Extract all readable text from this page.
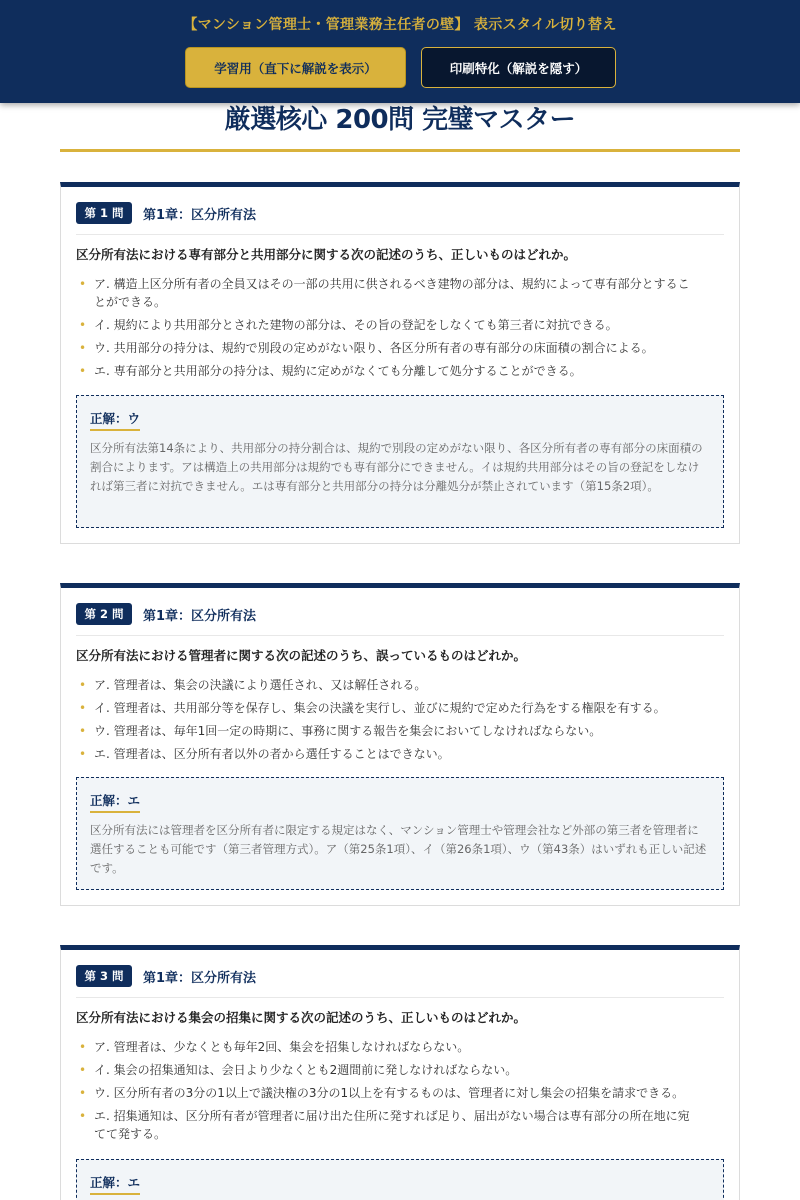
【マンション管理士・管理業務主任者の壁】 表示スタイル切り替え
学習用（直下に解説を表示）	印刷特化（解説を隠す）
厳選核心 200問 完璧マスター
第 1 問	第1章：区分所有法
区分所有法における専有部分と共用部分に関する次の記述のうち、正しいものはどれか。
• ア. 構造上区分所有者の全員又はその一部の共用に供されるべき建物の部分は、規約によって専有部分とすることができる。
• イ. 規約により共用部分とされた建物の部分は、その旨の登記をしなくても第三者に対抗できる。
• ウ. 共用部分の持分は、規約で別段の定めがない限り、各区分所有者の専有部分の床面積の割合による。
• エ. 専有部分と共用部分の持分は、規約に定めがなくても分離して処分することができる。
正解：ウ
区分所有法第14条により、共用部分の持分割合は、規約で別段の定めがない限り、各区分所有者の専有部分の床面積の割合によります。アは構造上の共用部分は規約でも専有部分にできません。イは規約共用部分はその旨の登記をしなければ第三者に対抗できません。エは専有部分と共用部分の持分は分離処分が禁止されています（第15条2項）。
第 2 問	第1章：区分所有法
区分所有法における管理者に関する次の記述のうち、誤っているものはどれか。
• ア. 管理者は、集会の決議により選任され、又は解任される。
• イ. 管理者は、共用部分等を保存し、集会の決議を実行し、並びに規約で定めた行為をする権限を有する。
• ウ. 管理者は、毎年1回一定の時期に、事務に関する報告を集会においてしなければならない。
• エ. 管理者は、区分所有者以外の者から選任することはできない。
正解：エ
区分所有法には管理者を区分所有者に限定する規定はなく、マンション管理士や管理会社など外部の第三者を管理者に選任することも可能です（第三者管理方式）。ア（第25条1項）、イ（第26条1項）、ウ（第43条）はいずれも正しい記述です。
第 3 問	第1章：区分所有法
区分所有法における集会の招集に関する次の記述のうち、正しいものはどれか。
• ア. 管理者は、少なくとも毎年2回、集会を招集しなければならない。
• イ. 集会の招集通知は、会日より少なくとも2週間前に発しなければならない。
• ウ. 区分所有者の3分の1以上で議決権の3分の1以上を有するものは、管理者に対し集会の招集を請求できる。
• エ. 招集通知は、区分所有者が管理者に届け出た住所に発すれば足り、届出がない場合は専有部分の所在地に宛てて発する。
正解：エ
